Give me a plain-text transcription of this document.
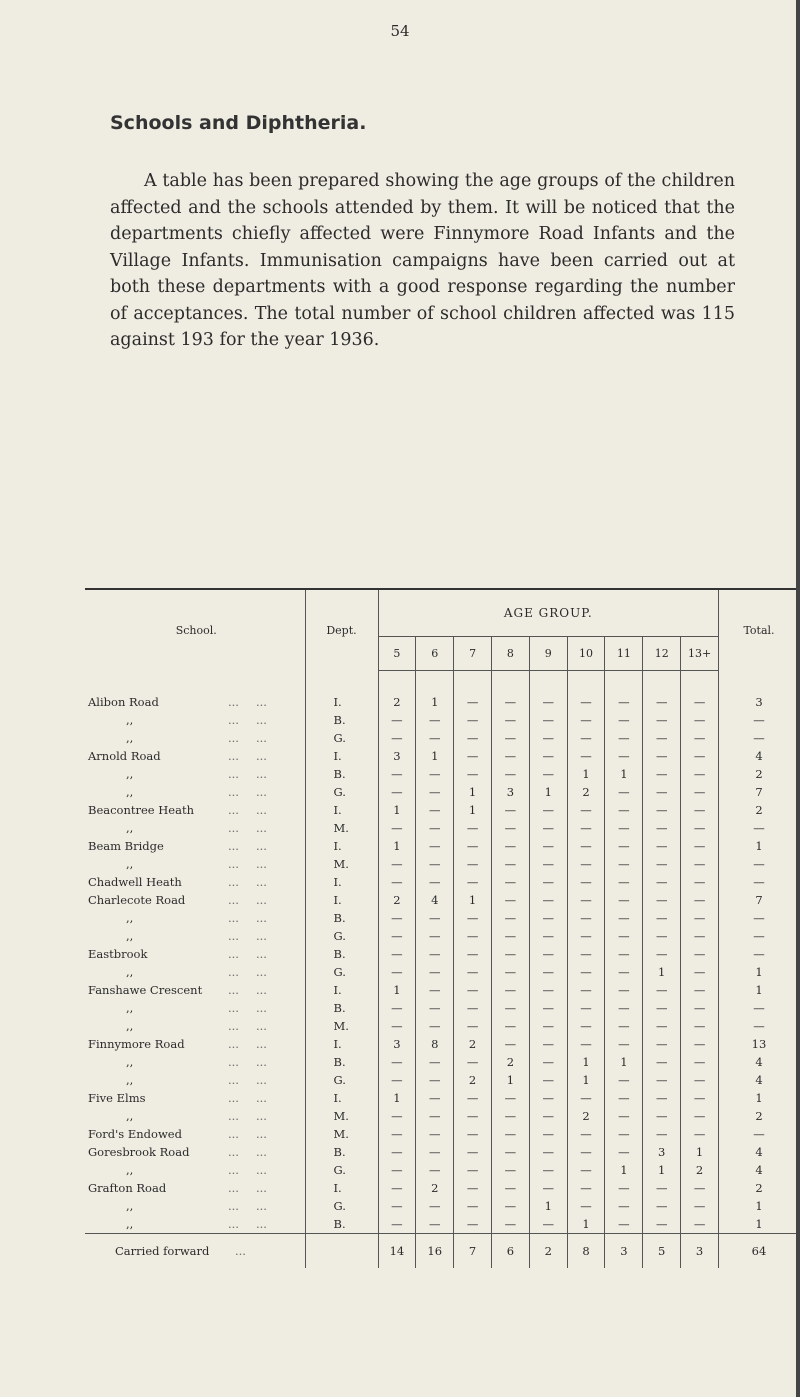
54
Schools and Diphtheria.
A table has been prepared showing the age groups of the children affected and the schools attended by them. It will be noticed that the departments chiefly affected were Finnymore Road Infants and the Village Infants. Immunisation campaigns have been carried out at both these departments with a good response regarding the number of acceptances. The total number of school children affected was 115 against 193 for the year 1936.
School.	Dept.	AGE GROUP.									Total.
		5	6	7	8	9	10	11	12	13+	

Alibon Road ... ...	I.	2	1	—	—	—	—	—	—	—	3

,, ... ...	B.	—	—	—	—	—	—	—	—	—	—

,, ... ...	G.	—	—	—	—	—	—	—	—	—	—

Arnold Road ... ...	I.	3	1	—	—	—	—	—	—	—	4

,, ... ...	B.	—	—	—	—	—	1	1	—	—	2

,, ... ...	G.	—	—	1	3	1	2	—	—	—	7

Beacontree Heath ... ...	I.	1	—	1	—	—	—	—	—	—	2

,, ... ...	M.	—	—	—	—	—	—	—	—	—	—

Beam Bridge ... ...	I.	1	—	—	—	—	—	—	—	—	1

,, ... ...	M.	—	—	—	—	—	—	—	—	—	—

Chadwell Heath ... ...	I.	—	—	—	—	—	—	—	—	—	—

Charlecote Road ... ...	I.	2	4	1	—	—	—	—	—	—	7

,, ... ...	B.	—	—	—	—	—	—	—	—	—	—

,, ... ...	G.	—	—	—	—	—	—	—	—	—	—

Eastbrook ... ...	B.	—	—	—	—	—	—	—	—	—	—

,, ... ...	G.	—	—	—	—	—	—	—	1	—	1

Fanshawe Crescent ... ...	I.	1	—	—	—	—	—	—	—	—	1

,, ... ...	B.	—	—	—	—	—	—	—	—	—	—

,, ... ...	M.	—	—	—	—	—	—	—	—	—	—

Finnymore Road ... ...	I.	3	8	2	—	—	—	—	—	—	13

,, ... ...	B.	—	—	—	2	—	1	1	—	—	4

,, ... ...	G.	—	—	2	1	—	1	—	—	—	4

Five Elms ... ...	I.	1	—	—	—	—	—	—	—	—	1

,, ... ...	M.	—	—	—	—	—	2	—	—	—	2

Ford's Endowed ... ...	M.	—	—	—	—	—	—	—	—	—	—

Goresbrook Road ... ...	B.	—	—	—	—	—	—	—	3	1	4

,, ... ...	G.	—	—	—	—	—	—	1	1	2	4

Grafton Road ... ...	I.	—	2	—	—	—	—	—	—	—	2

,, ... ...	G.	—	—	—	—	1	—	—	—	—	1

,, ... ...	B.	—	—	—	—	—	1	—	—	—	1

Carried forward ...		14	16	7	6	2	8	3	5	3	64
